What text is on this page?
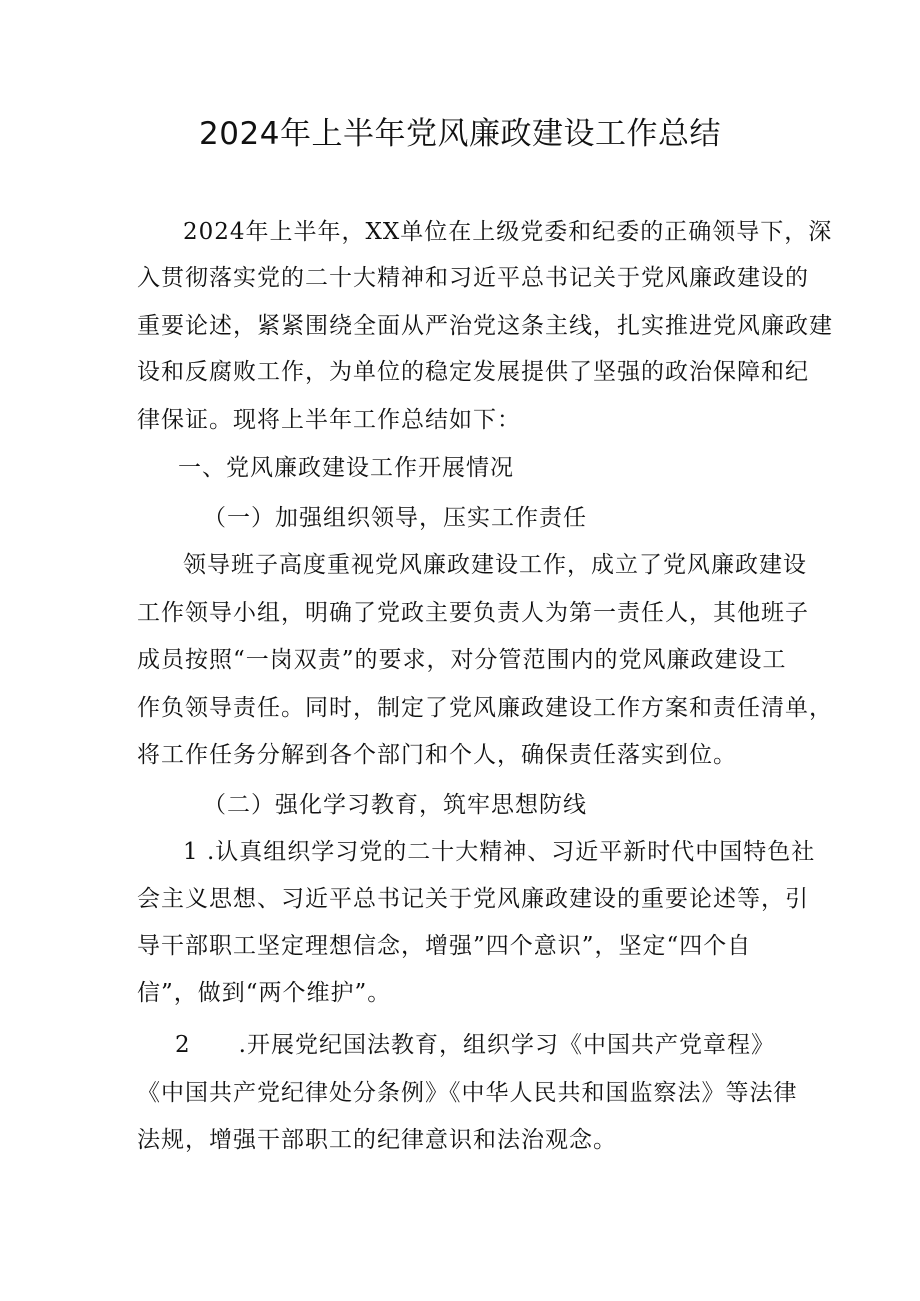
2024年上半年党风廉政建设工作总结
2024年上半年，XX单位在上级党委和纪委的正确领导下，深
入贯彻落实党的二十大精神和习近平总书记关于党风廉政建设的
重要论述，紧紧围绕全面从严治党这条主线，扎实推进党风廉政建
设和反腐败工作，为单位的稳定发展提供了坚强的政治保障和纪
律保证。现将上半年工作总结如下：
一、党风廉政建设工作开展情况
（一）加强组织领导，压实工作责任
领导班子高度重视党风廉政建设工作，成立了党风廉政建设
工作领导小组，明确了党政主要负责人为第一责任人，其他班子
成员按照“一岗双责”的要求，对分管范围内的党风廉政建设工
作负领导责任。同时，制定了党风廉政建设工作方案和责任清单，
将工作任务分解到各个部门和个人，确保责任落实到位。
（二）强化学习教育，筑牢思想防线
1 .认真组织学习党的二十大精神、习近平新时代中国特色社
会主义思想、习近平总书记关于党风廉政建设的重要论述等，引
导干部职工坚定理想信念，增强”四个意识”，坚定“四个自
信”，做到“两个维护”。
2　　.开展党纪国法教育，组织学习《中国共产党章程》
《中国共产党纪律处分条例》《中华人民共和国监察法》等法律
法规，增强干部职工的纪律意识和法治观念。
